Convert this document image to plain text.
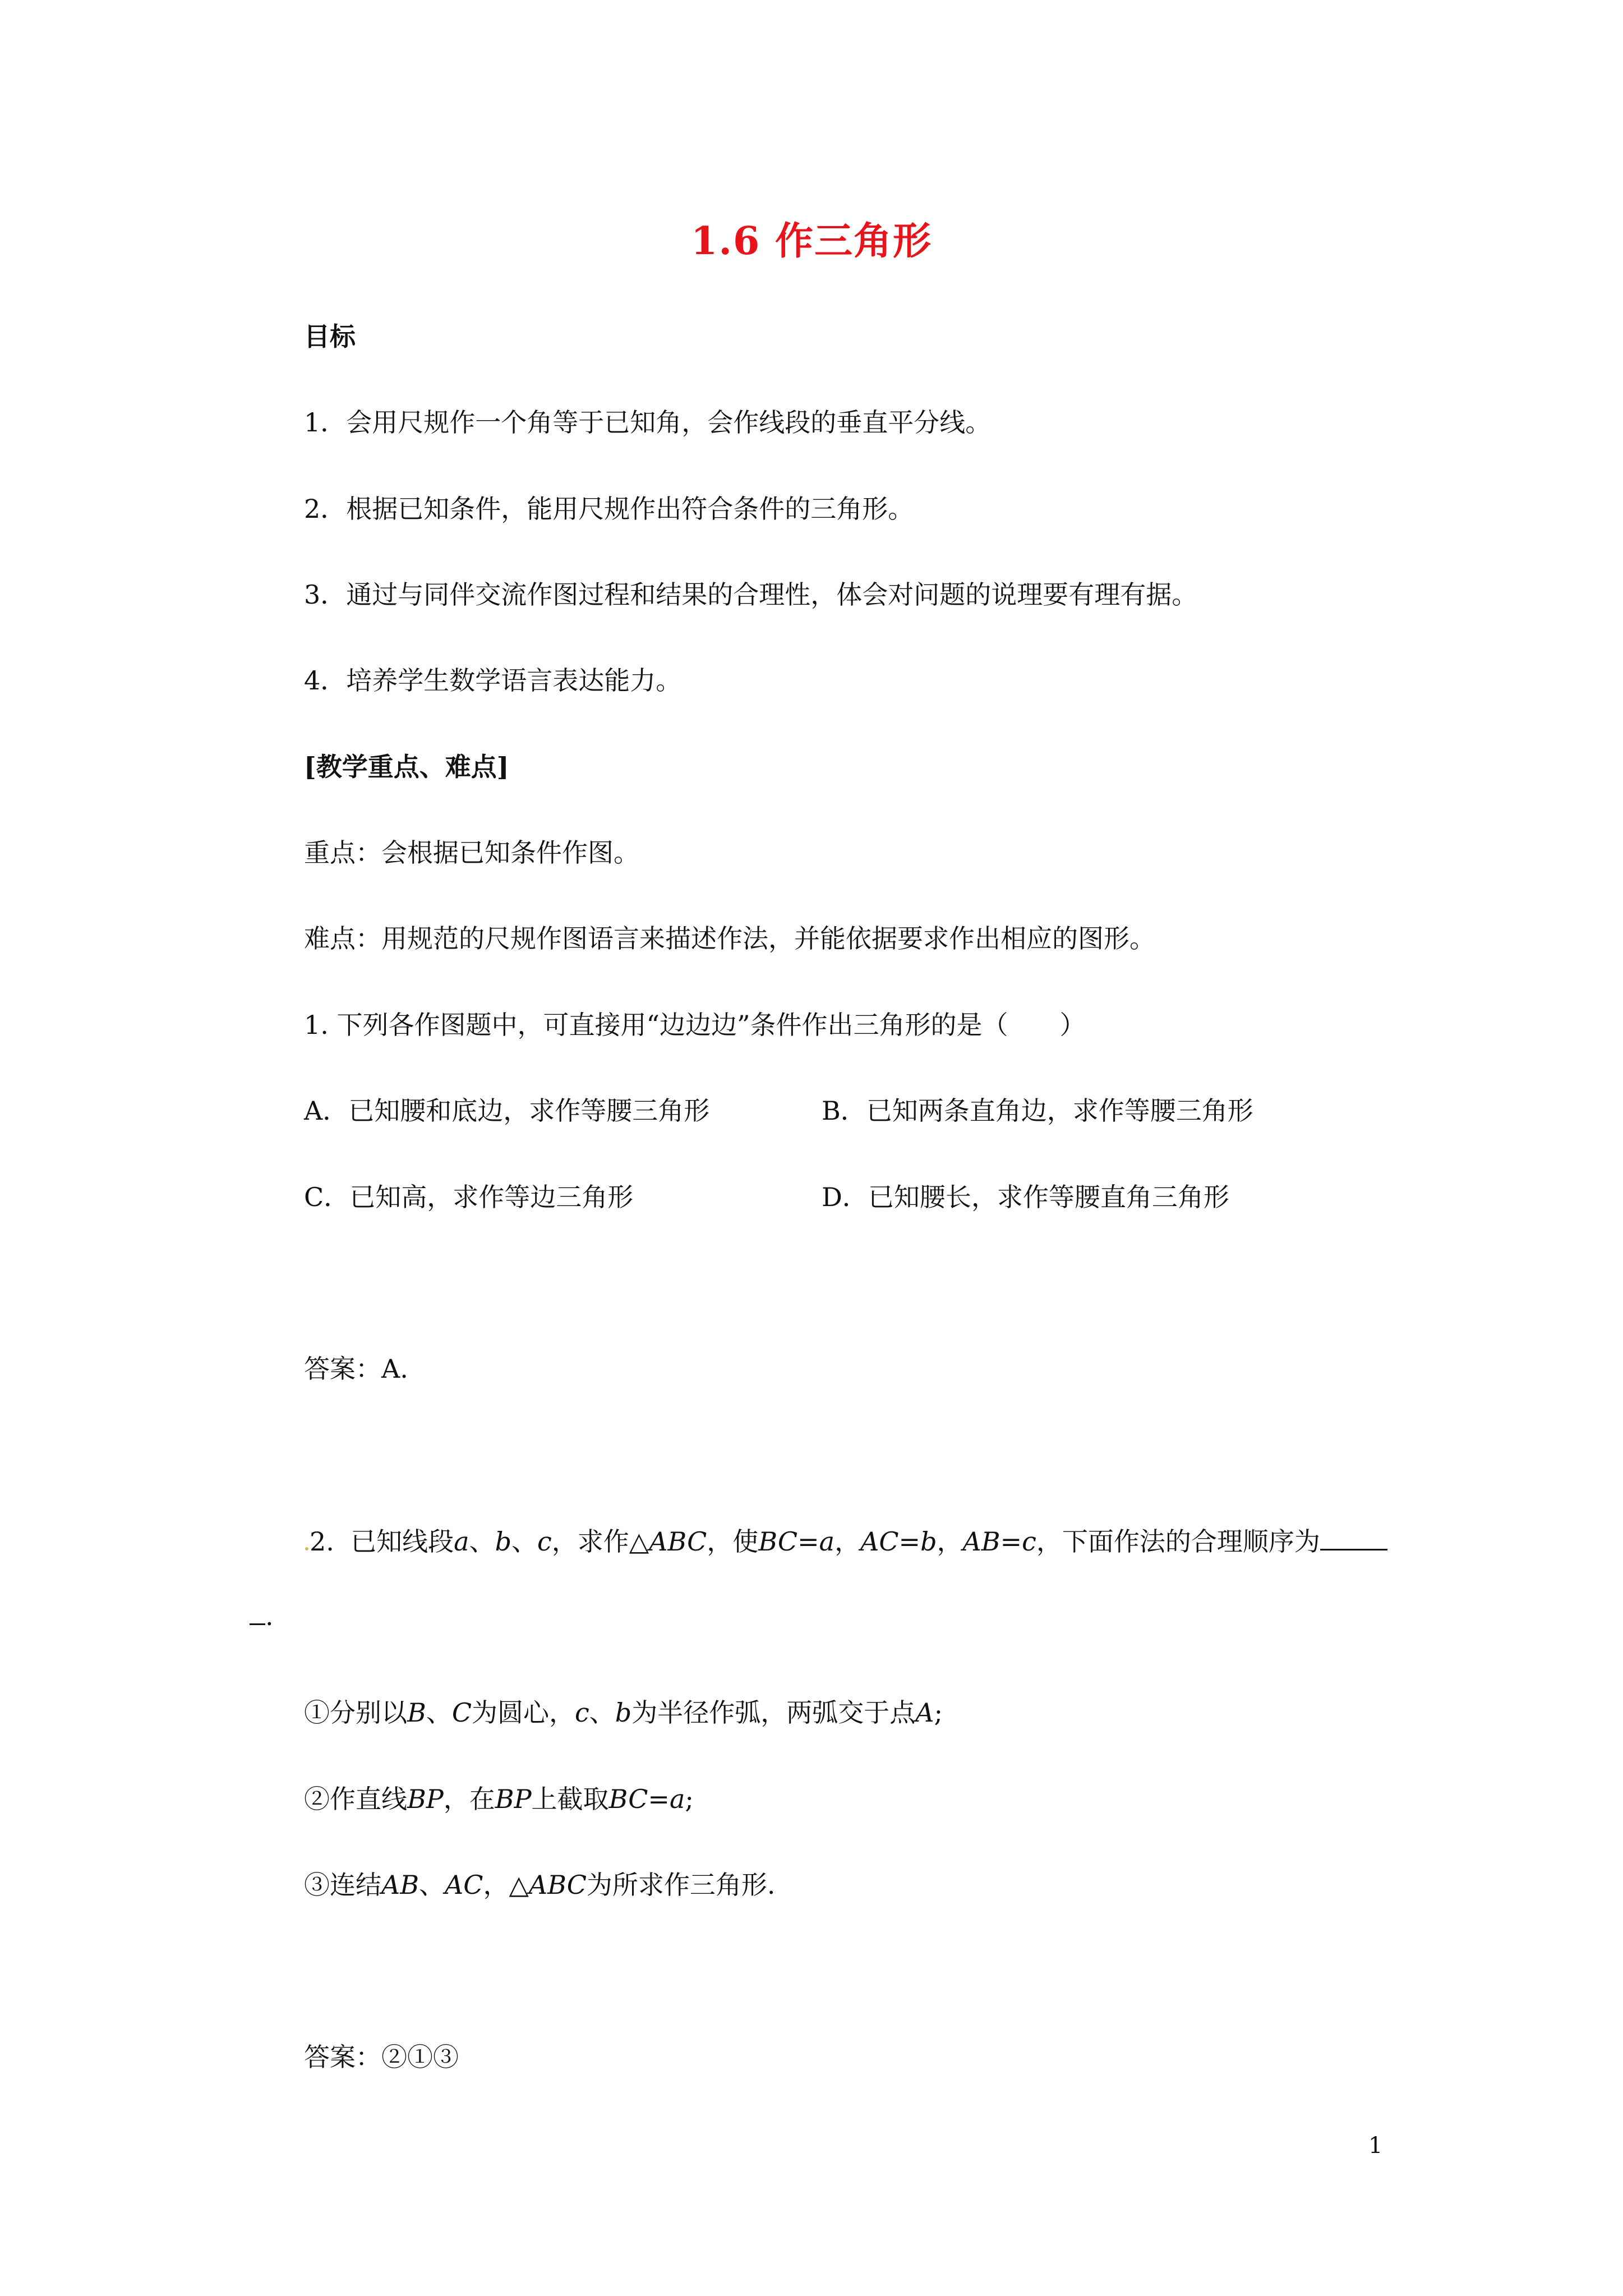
1.6 作三角形
目标
1．会用尺规作一个角等于已知角，会作线段的垂直平分线。
2．根据已知条件，能用尺规作出符合条件的三角形。
3．通过与同伴交流作图过程和结果的合理性，体会对问题的说理要有理有据。
4．培养学生数学语言表达能力。
[教学重点、难点]
重点：会根据已知条件作图。
难点：用规范的尺规作图语言来描述作法，并能依据要求作出相应的图形。
1. 下列各作图题中，可直接用“边边边”条件作出三角形的是（　　）
A．已知腰和底边，求作等腰三角形	B．已知两条直角边，求作等腰三角形
C．已知高，求作等边三角形	D．已知腰长，求作等腰直角三角形
答案：A.
2. 已知线段a、b、c，求作△ABC，使BC=a，AC=b，AB=c，下面作法的合理顺序为
.
①分别以B、C为圆心，c、b为半径作弧，两弧交于点A;
②作直线BP，在BP上截取BC=a;
③连结AB、AC，△ABC为所求作三角形.
答案：②①③
1
